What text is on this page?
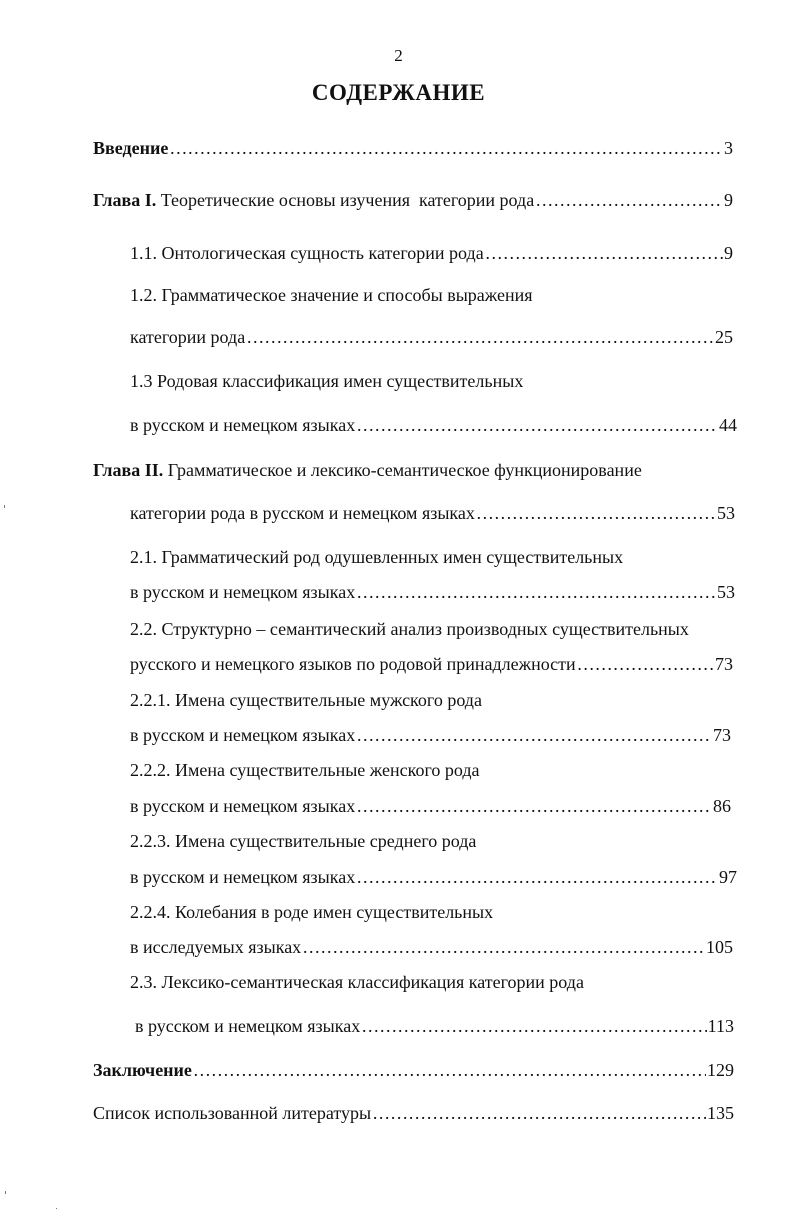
2
СОДЕРЖАНИЕ
Введение …………………………………………………………………………………………………………………………………………………………	3
Глава I. Теоретические основы изучения  категории рода …………………………………………………………………………………………………………………………………………………………	9
1.1. Онтологическая сущность категории рода …………………………………………………………………………………………………………………………………………………………	9
1.2. Грамматическое значение и способы выражения
категории рода …………………………………………………………………………………………………………………………………………………………	25
1.3 Родовая классификация имен существительных
в русском и немецком языках …………………………………………………………………………………………………………………………………………………………	44
Глава II. Грамматическое и лексико-семантическое функционирование
категории рода в русском и немецком языках …………………………………………………………………………………………………………………………………………………………	53
2.1. Грамматический род одушевленных имен существительных
в русском и немецком языках …………………………………………………………………………………………………………………………………………………………	53
2.2. Структурно – семантический анализ производных существительных
русского и немецкого языков по родовой принадлежности …………………………………………………………………………………………………………………………………………………………	73
2.2.1. Имена существительные мужского рода
в русском и немецком языках …………………………………………………………………………………………………………………………………………………………	73
2.2.2. Имена существительные женского рода
в русском и немецком языках …………………………………………………………………………………………………………………………………………………………	86
2.2.3. Имена существительные среднего рода
в русском и немецком языках …………………………………………………………………………………………………………………………………………………………	97
2.2.4. Колебания в роде имен существительных
в исследуемых языках …………………………………………………………………………………………………………………………………………………………	105
2.3. Лексико-семантическая классификация категории рода
в русском и немецком языках …………………………………………………………………………………………………………………………………………………………	113
Заключение …………………………………………………………………………………………………………………………………………………………	129
Список использованной литературы …………………………………………………………………………………………………………………………………………………………	135
